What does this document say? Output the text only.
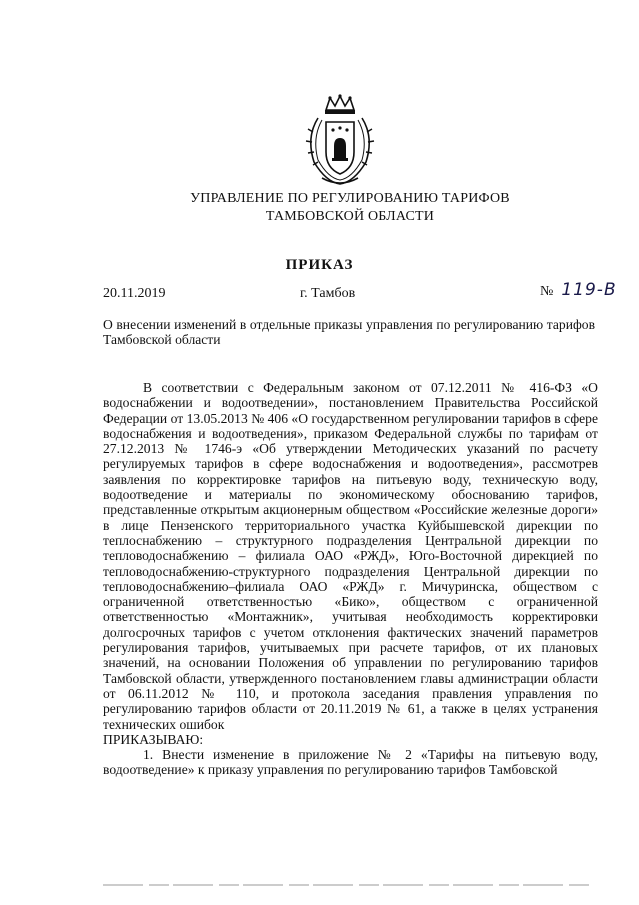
УПРАВЛЕНИЕ ПО РЕГУЛИРОВАНИЮ ТАРИФОВ
ТАМБОВСКОЙ ОБЛАСТИ
ПРИКАЗ
20.11.2019	г. Тамбов	№ 119-В
О внесении изменений в отдельные приказы управления по регулированию тарифов Тамбовской области

В соответствии с Федеральным законом от 07.12.2011 № 416-ФЗ «О водоснабжении и водоотведении», постановлением Правительства Российской Федерации от 13.05.2013 № 406 «О государственном регулировании тарифов в сфере водоснабжения и водоотведения», приказом Федеральной службы по тарифам от 27.12.2013 № 1746-э «Об утверждении Методических указаний по расчету регулируемых тарифов в сфере водоснабжения и водоотведения», рассмотрев заявления по корректировке тарифов на питьевую воду, техническую воду, водоотведение и материалы по экономическому обоснованию тарифов, представленные открытым акционерным обществом «Российские железные дороги» в лице Пензенского территориального участка Куйбышевской дирекции по теплоснабжению – структурного подразделения Центральной дирекции по тепловодоснабжению – филиала ОАО «РЖД», Юго-Восточной дирекцией по тепловодоснабжению-структурного подразделения Центральной дирекции по тепловодоснабжению–филиала ОАО «РЖД» г. Мичуринска, обществом с ограниченной ответственностью «Бико», обществом с ограниченной ответственностью «Монтажник», учитывая необходимость корректировки долгосрочных тарифов с учетом отклонения фактических значений параметров регулирования тарифов, учитываемых при расчете тарифов, от их плановых значений, на основании Положения об управлении по регулированию тарифов Тамбовской области, утвержденного постановлением главы администрации области от 06.11.2012 № 110, и протокола заседания правления управления по регулированию тарифов области от 20.11.2019 № 61, а также в целях устранения технических ошибок

ПРИКАЗЫВАЮ:
1. Внести изменение в приложение № 2 «Тарифы на питьевую воду, водоотведение» к приказу управления по регулированию тарифов Тамбовской
